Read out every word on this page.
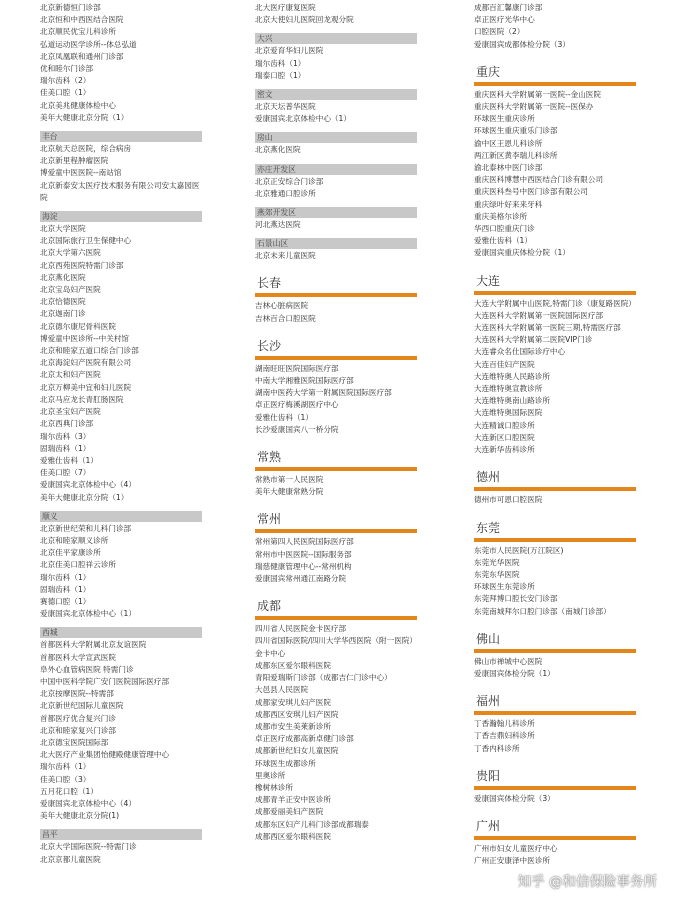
北京新德恒门诊部
北京恒和中西医结合医院
北京顺民优宝儿科诊所
弘道运动医学诊所--体总弘道
北京凤凰联和通州门诊部
优和睦尔门诊部
瑞尔齿科（2）
佳美口腔（1）
北京美兆健康体检中心
美年大健康北京分院（1）
丰台
北京航天总医院，综合病房
北京新里程肿瘤医院
博爱童中医医院--南站馆
北京新泰安太医疗技术服务有限公司安太嘉园医院
海淀
北京大学医院
北京国际旅行卫生保健中心
北京大学第六医院
北京西苑医院特需门诊部
北京燕化医院
北京宝岛妇产医院
北京恰德医院
北京迦南门诊
北京德尔康尼骨科医院
博爱童中医诊所--中关村馆
北京和睦家五道口综合门诊部
北京海淀妇产医院有限公司
北京太和妇产医院
北京万柳美中宜和妇儿医院
北京马应龙长青肛肠医院
北京圣宝妇产医院
北京西典门诊部
瑞尔齿科（3）
固瑞齿科（1）
爱雅仕齿科（1）
佳美口腔（7）
爱康国宾北京体检中心（4）
美年大健康北京分院（1）
顺义
北京新世纪荣和儿科门诊部
北京和睦家顺义诊所
北京佳平家康诊所
北京佳美口腔祥云诊所
瑞尔齿科（1）
固瑞齿科（1）
赛德口腔（1）
爱康国宾北京体检中心（1）
西城
首都医科大学附属北京友谊医院
首都医科大学宣武医院
阜外心血管病医院 特需门诊
中国中医科学院广安门医院国际医疗部
北京按摩医院--特需部
北京新世纪国际儿童医院
首都医疗优合复兴门诊
北京和睦家复兴门诊部
北京德宝医院国际部
北大医疗产业集团怡健殿健康管理中心
瑞尔齿科（1）
佳美口腔（3）
五月花口腔（1）
爱康国宾北京体检中心（4）
美年大健康北京分院(1)
昌平
北京大学国际医院--特需门诊
北京京都儿童医院
北大医疗康复医院
北京大使妇儿医院回龙观分院
大兴
北京爱育华妇儿医院
瑞尔齿科（1）
瑞泰口腔（1）
密文
北京天坛普华医院
爱康国宾北京体检中心（1）
房山
北京燕化医院
亦庄开发区
北京正安综合门诊部
北京雅通口腔诊所
燕郊开发区
河北燕达医院
石景山区
北京未来儿童医院
长春
吉林心脏病医院
吉林百合口腔医院
长沙
湖南旺旺医院国际医疗部
中南大学湘雅医院国际医疗部
湖南中医药大学第一附属医院国际医疗部
卓正医疗梅溪湖医疗中心
爱雅仕齿科（1）
长沙爱康国宾八一桥分院
常熟
常熟市第一人民医院
美年大健康常熟分院
常州
常州第四人民医院国际医疗部
常州市中医医院--国际服务部
瑞慈健康管理中心--常州机构
爱康国宾常州通江南路分院
成都
四川省人民医院金卡医疗部
四川省国际医院/四川大学华西医院（附一医院）金卡中心
成都东区爱尔眼科医院
青阳爱瑞斯门诊部（成都吉仁门诊中心）
大邑县人民医院
成都家安琪儿妇产医院
成都西区安琪儿妇产医院
成都市安生美莱新诊所
卓正医疗成都高新卓健门诊部
成都新世纪妇女儿童医院
环球医生成都诊所
里奥诊所
橡树林诊所
成都青羊正安中医诊所
成都爱丽美妇产医院
成都东区妇产儿科门诊部成都瑞泰
成都西区爱尔眼科医院
成都百汇馨康门诊部
卓正医疗光华中心
口腔医院（2）
爱康国宾成都体检分院（3）
重庆
重庆医科大学附属第一医院--金山医院
重庆医科大学附属第一医院--医保办
环球医生重庆诊所
环球医生重庆重乐门诊部
渝中区王恩儿科诊所
两江新区黄李瑞儿科诊所
渝北泰林中医门诊部
重庆医科博慧中西医结合门诊有限公司
重庆医科叁号中医门诊部有限公司
重庆绿叶好来来牙科
重庆美格尔诊所
华西口腔重庆门诊
爱雅仕齿科（1）
爱康国宾重庆体检分院（1）
大连
大连大学附属中山医院,特需门诊（康复路医院）
大连医科大学附属第一医院国际医疗部
大连医科大学附属第一医院三期,特需医疗部
大连医科大学附属第二医院VIP门诊
大连睿众名仕国际诊疗中心
大连百佳妇产医院
大连维特奥人民路诊所
大连维特奥宣教诊所
大连维特奥南山路诊所
大连维特奥国际医院
大连精诚口腔诊所
大连新区口腔医院
大连新华齿科诊所
德州
德州市可恩口腔医院
东莞
东莞市人民医院(万江院区)
东莞光华医院
东莞东华医院
环球医生东莞诊所
东莞拜博口腔长安门诊部
东莞南城拜尔口腔门诊部（南城门诊部）
佛山
佛山市禅城中心医院
爱康国宾体检分院（1）
福州
丁香瀚翰儿科诊所
丁香吉鼎妇科诊所
丁香内科诊所
贵阳
爱康国宾体检分院（3）
广州
广州市妇女儿童医疗中心
广州正安康泽中医诊所
知乎 @和信保险事务所
